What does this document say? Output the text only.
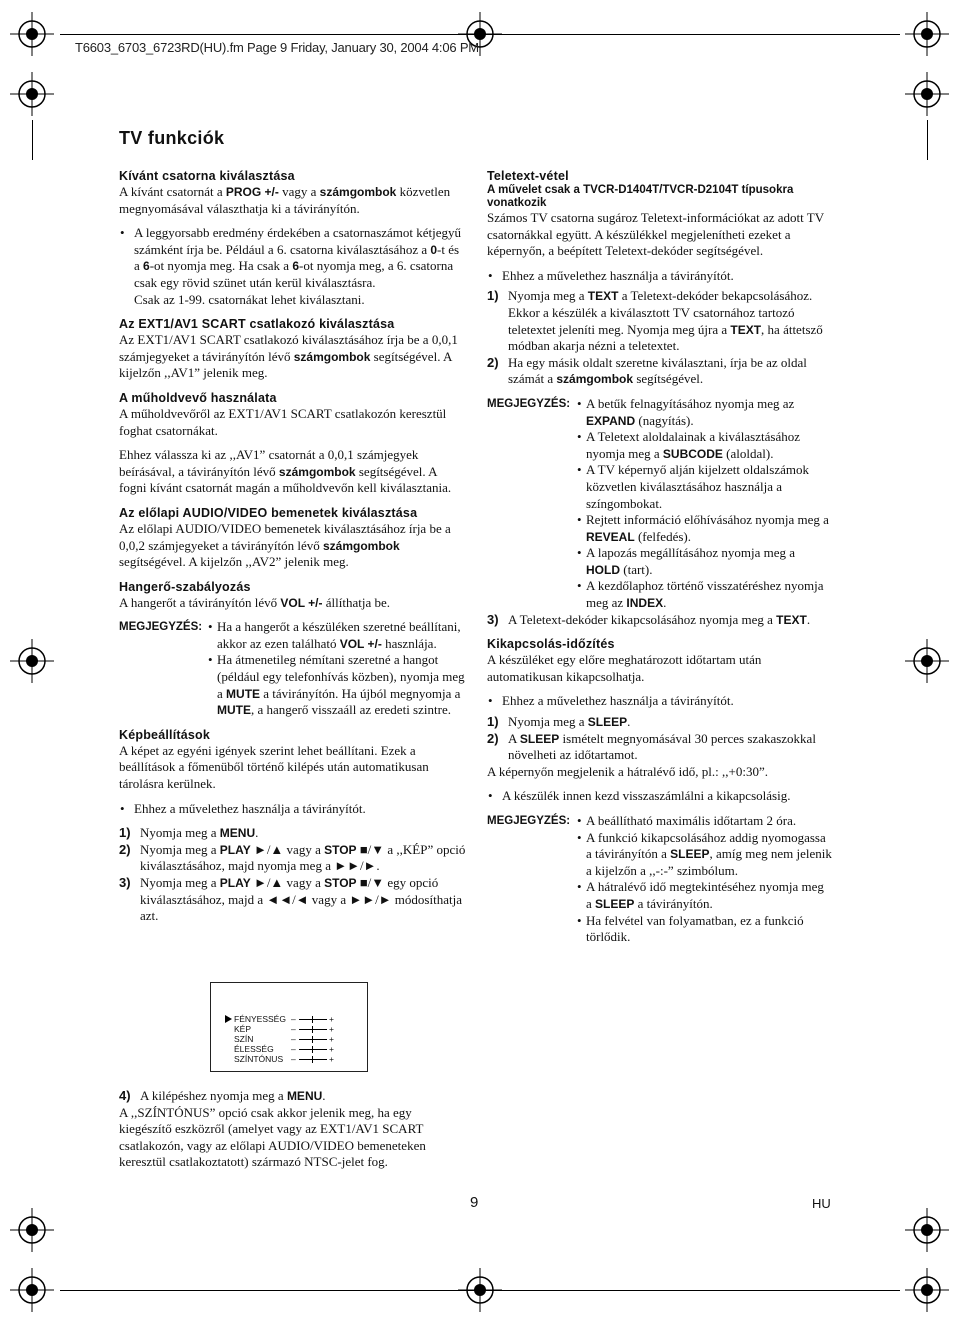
T6603_6703_6723RD(HU).fm Page 9 Friday, January 30, 2004 4:06 PM
TV funkciók
Kívánt csatorna kiválasztása

A kívánt csatornát a PROG +/- vagy a számgombok közvetlen megnyomásával választhatja ki a távirányítón.

• A leggyorsabb eredmény érdekében a csatornaszámot kétjegyű számként írja be. Például a 6. csatorna kiválasztásához a 0-t és a 6-ot nyomja meg. Ha csak a 6-ot nyomja meg, a 6. csatorna csak egy rövid szünet után kerül kiválasztásra.
Csak az 1-99. csatornákat lehet kiválasztani.
Az EXT1/AV1 SCART csatlakozó kiválasztása

Az EXT1/AV1 SCART csatlakozó kiválasztásához írja be a 0,0,1 számjegyeket a távirányítón lévő számgombok segítségével. A kijelzőn ,,AV1” jelenik meg.

A műholdvevő használata

A műholdvevőről az EXT1/AV1 SCART csatlakozón keresztül foghat csatornákat.

Ehhez válassza ki az ,,AV1” csatornát a 0,0,1 számjegyek beírásával, a távirányítón lévő számgombok segítségével. A fogni kívánt csatornát magán a műholdvevőn kell kiválasztania.

Az előlapi AUDIO/VIDEO bemenetek kiválasztása

Az előlapi AUDIO/VIDEO bemenetek kiválasztásához írja be a 0,0,2 számjegyeket a távirányítón lévő számgombok segítségével. A kijelzőn ,,AV2” jelenik meg.

Hangerő-szabályozás

A hangerőt a távirányítón lévő VOL +/- állíthatja be.

MEGJEGYZÉS: • Ha a hangerőt a készüléken szeretné beállítani, akkor az ezen található VOL +/- hasznlája.
• Ha átmenetileg némítani szeretné a hangot (például egy telefonhívás közben), nyomja meg a MUTE a távirányítón. Ha újból megnyomja a MUTE, a hangerő visszaáll az eredeti szintre.
Képbeállítások

A képet az egyéni igények szerint lehet beállítani. Ezek a beállítások a főmenüből történő kilépés után automatikusan tárolásra kerülnek.

• Ehhez a művelethez használja a távirányítót.
1) Nyomja meg a MENU.
2) Nyomja meg a PLAY ►/▲ vagy a STOP ■/▼ a ,,KÉP” opció kiválasztásához, majd nyomja meg a ►►/►.
3) Nyomja meg a PLAY ►/▲ vagy a STOP ■/▼ egy opció kiválasztásához, majd a ◄◄/◄ vagy a ►►/► módosíthatja azt.
FÉNYESSÉG –	+
KÉP	–	+
SZÍN	–	+
ÉLESSÉG –	+
SZÍNTÓNUS –	+
4) A kilépéshez nyomja meg a MENU.

A ,,SZÍNTÓNUS” opció csak akkor jelenik meg, ha egy kiegészítő eszközről (amelyet vagy az EXT1/AV1 SCART csatlakozón, vagy az előlapi AUDIO/VIDEO bemeneteken keresztül csatlakoztatott) származó NTSC-jelet fog.

Teletext-vétel
A művelet csak a TVCR-D1404T/TVCR-D2104T típusokra vonatkozik

Számos TV csatorna sugároz Teletext-információkat az adott TV csatornákkal együtt. A készülékkel megjelenítheti ezeket a képernyőn, a beépített Teletext-dekóder segítségével.

• Ehhez a művelethez használja a távirányítót.
1) Nyomja meg a TEXT a Teletext-dekóder bekapcsolásához. Ekkor a készülék a kiválasztott TV csatornához tartozó teletextet jeleníti meg. Nyomja meg újra a TEXT, ha áttetsző módban akarja nézni a teletextet.
2) Ha egy másik oldalt szeretne kiválasztani, írja be az oldal számát a számgombok segítségével.
MEGJEGYZÉS: • A betűk felnagyításához nyomja meg az EXPAND (nagyítás).
• A Teletext aloldalainak a kiválasztásához nyomja meg a SUBCODE (aloldal).
• A TV képernyő alján kijelzett oldalszámok közvetlen kiválasztásához használja a színgombokat.
• Rejtett információ előhívásához nyomja meg a REVEAL (felfedés).
• A lapozás megállításához nyomja meg a HOLD (tart).
• A kezdőlaphoz történő visszatéréshez nyomja meg az INDEX.
3) A Teletext-dekóder kikapcsolásához nyomja meg a TEXT.
Kikapcsolás-időzítés

A készüléket egy előre meghatározott időtartam után automatikusan kikapcsolhatja.

• Ehhez a művelethez használja a távirányítót.
1) Nyomja meg a SLEEP.
2) A SLEEP ismételt megnyomásával 30 perces szakaszokkal növelheti az időtartamot.

A képernyőn megjelenik a hátralévő idő, pl.: ,,+0:30”.

• A készülék innen kezd visszaszámlálni a kikapcsolásig.
MEGJEGYZÉS: • A beállítható maximális időtartam 2 óra.
• A funkció kikapcsolásához addig nyomogassa a távirányítón a SLEEP, amíg meg nem jelenik a kijelzőn a ,,-:-” szimbólum.
• A hátralévő idő megtekintéséhez nyomja meg a SLEEP a távirányítón.
• Ha felvétel van folyamatban, ez a funkció törlődik.
9	HU
